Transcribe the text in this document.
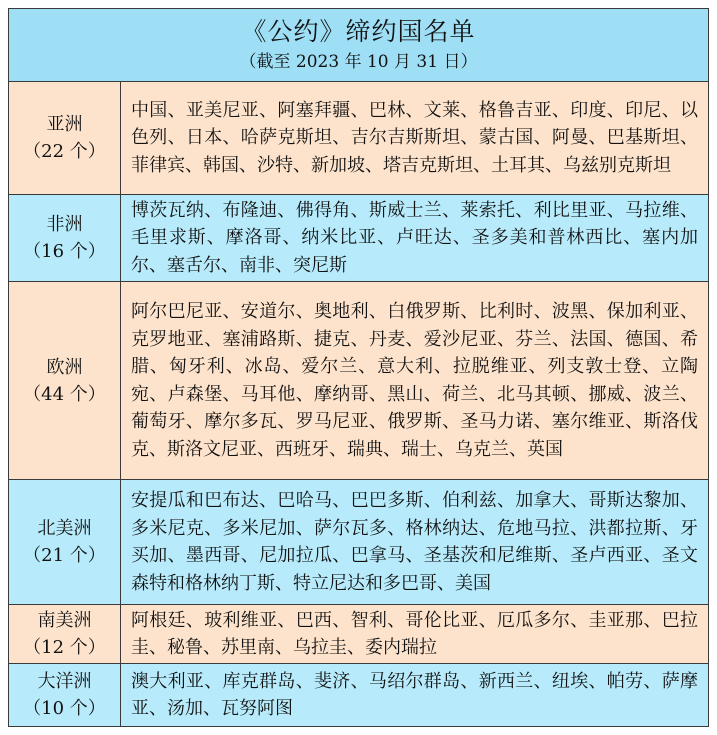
《公约》缔约国名单
（截至 2023 年 10 月 31 日）
亚洲
（22 个）
中国、亚美尼亚、阿塞拜疆、巴林、文莱、格鲁吉亚、印度、印尼、以色列、日本、哈萨克斯坦、吉尔吉斯斯坦、蒙古国、阿曼、巴基斯坦、菲律宾、韩国、沙特、新加坡、塔吉克斯坦、土耳其、乌兹别克斯坦
非洲
（16 个）
博茨瓦纳、布隆迪、佛得角、斯威士兰、莱索托、利比里亚、马拉维、毛里求斯、摩洛哥、纳米比亚、卢旺达、圣多美和普林西比、塞内加尔、塞舌尔、南非、突尼斯
欧洲
（44 个）
阿尔巴尼亚、安道尔、奥地利、白俄罗斯、比利时、波黑、保加利亚、克罗地亚、塞浦路斯、捷克、丹麦、爱沙尼亚、芬兰、法国、德国、希腊、匈牙利、冰岛、爱尔兰、意大利、拉脱维亚、列支敦士登、立陶宛、卢森堡、马耳他、摩纳哥、黑山、荷兰、北马其顿、挪威、波兰、葡萄牙、摩尔多瓦、罗马尼亚、俄罗斯、圣马力诺、塞尔维亚、斯洛伐克、斯洛文尼亚、西班牙、瑞典、瑞士、乌克兰、英国
北美洲
（21 个）
安提瓜和巴布达、巴哈马、巴巴多斯、伯利兹、加拿大、哥斯达黎加、多米尼克、多米尼加、萨尔瓦多、格林纳达、危地马拉、洪都拉斯、牙买加、墨西哥、尼加拉瓜、巴拿马、圣基茨和尼维斯、圣卢西亚、圣文森特和格林纳丁斯、特立尼达和多巴哥、美国
南美洲
（12 个）
阿根廷、玻利维亚、巴西、智利、哥伦比亚、厄瓜多尔、圭亚那、巴拉圭、秘鲁、苏里南、乌拉圭、委内瑞拉
大洋洲
（10 个）
澳大利亚、库克群岛、斐济、马绍尔群岛、新西兰、纽埃、帕劳、萨摩亚、汤加、瓦努阿图
